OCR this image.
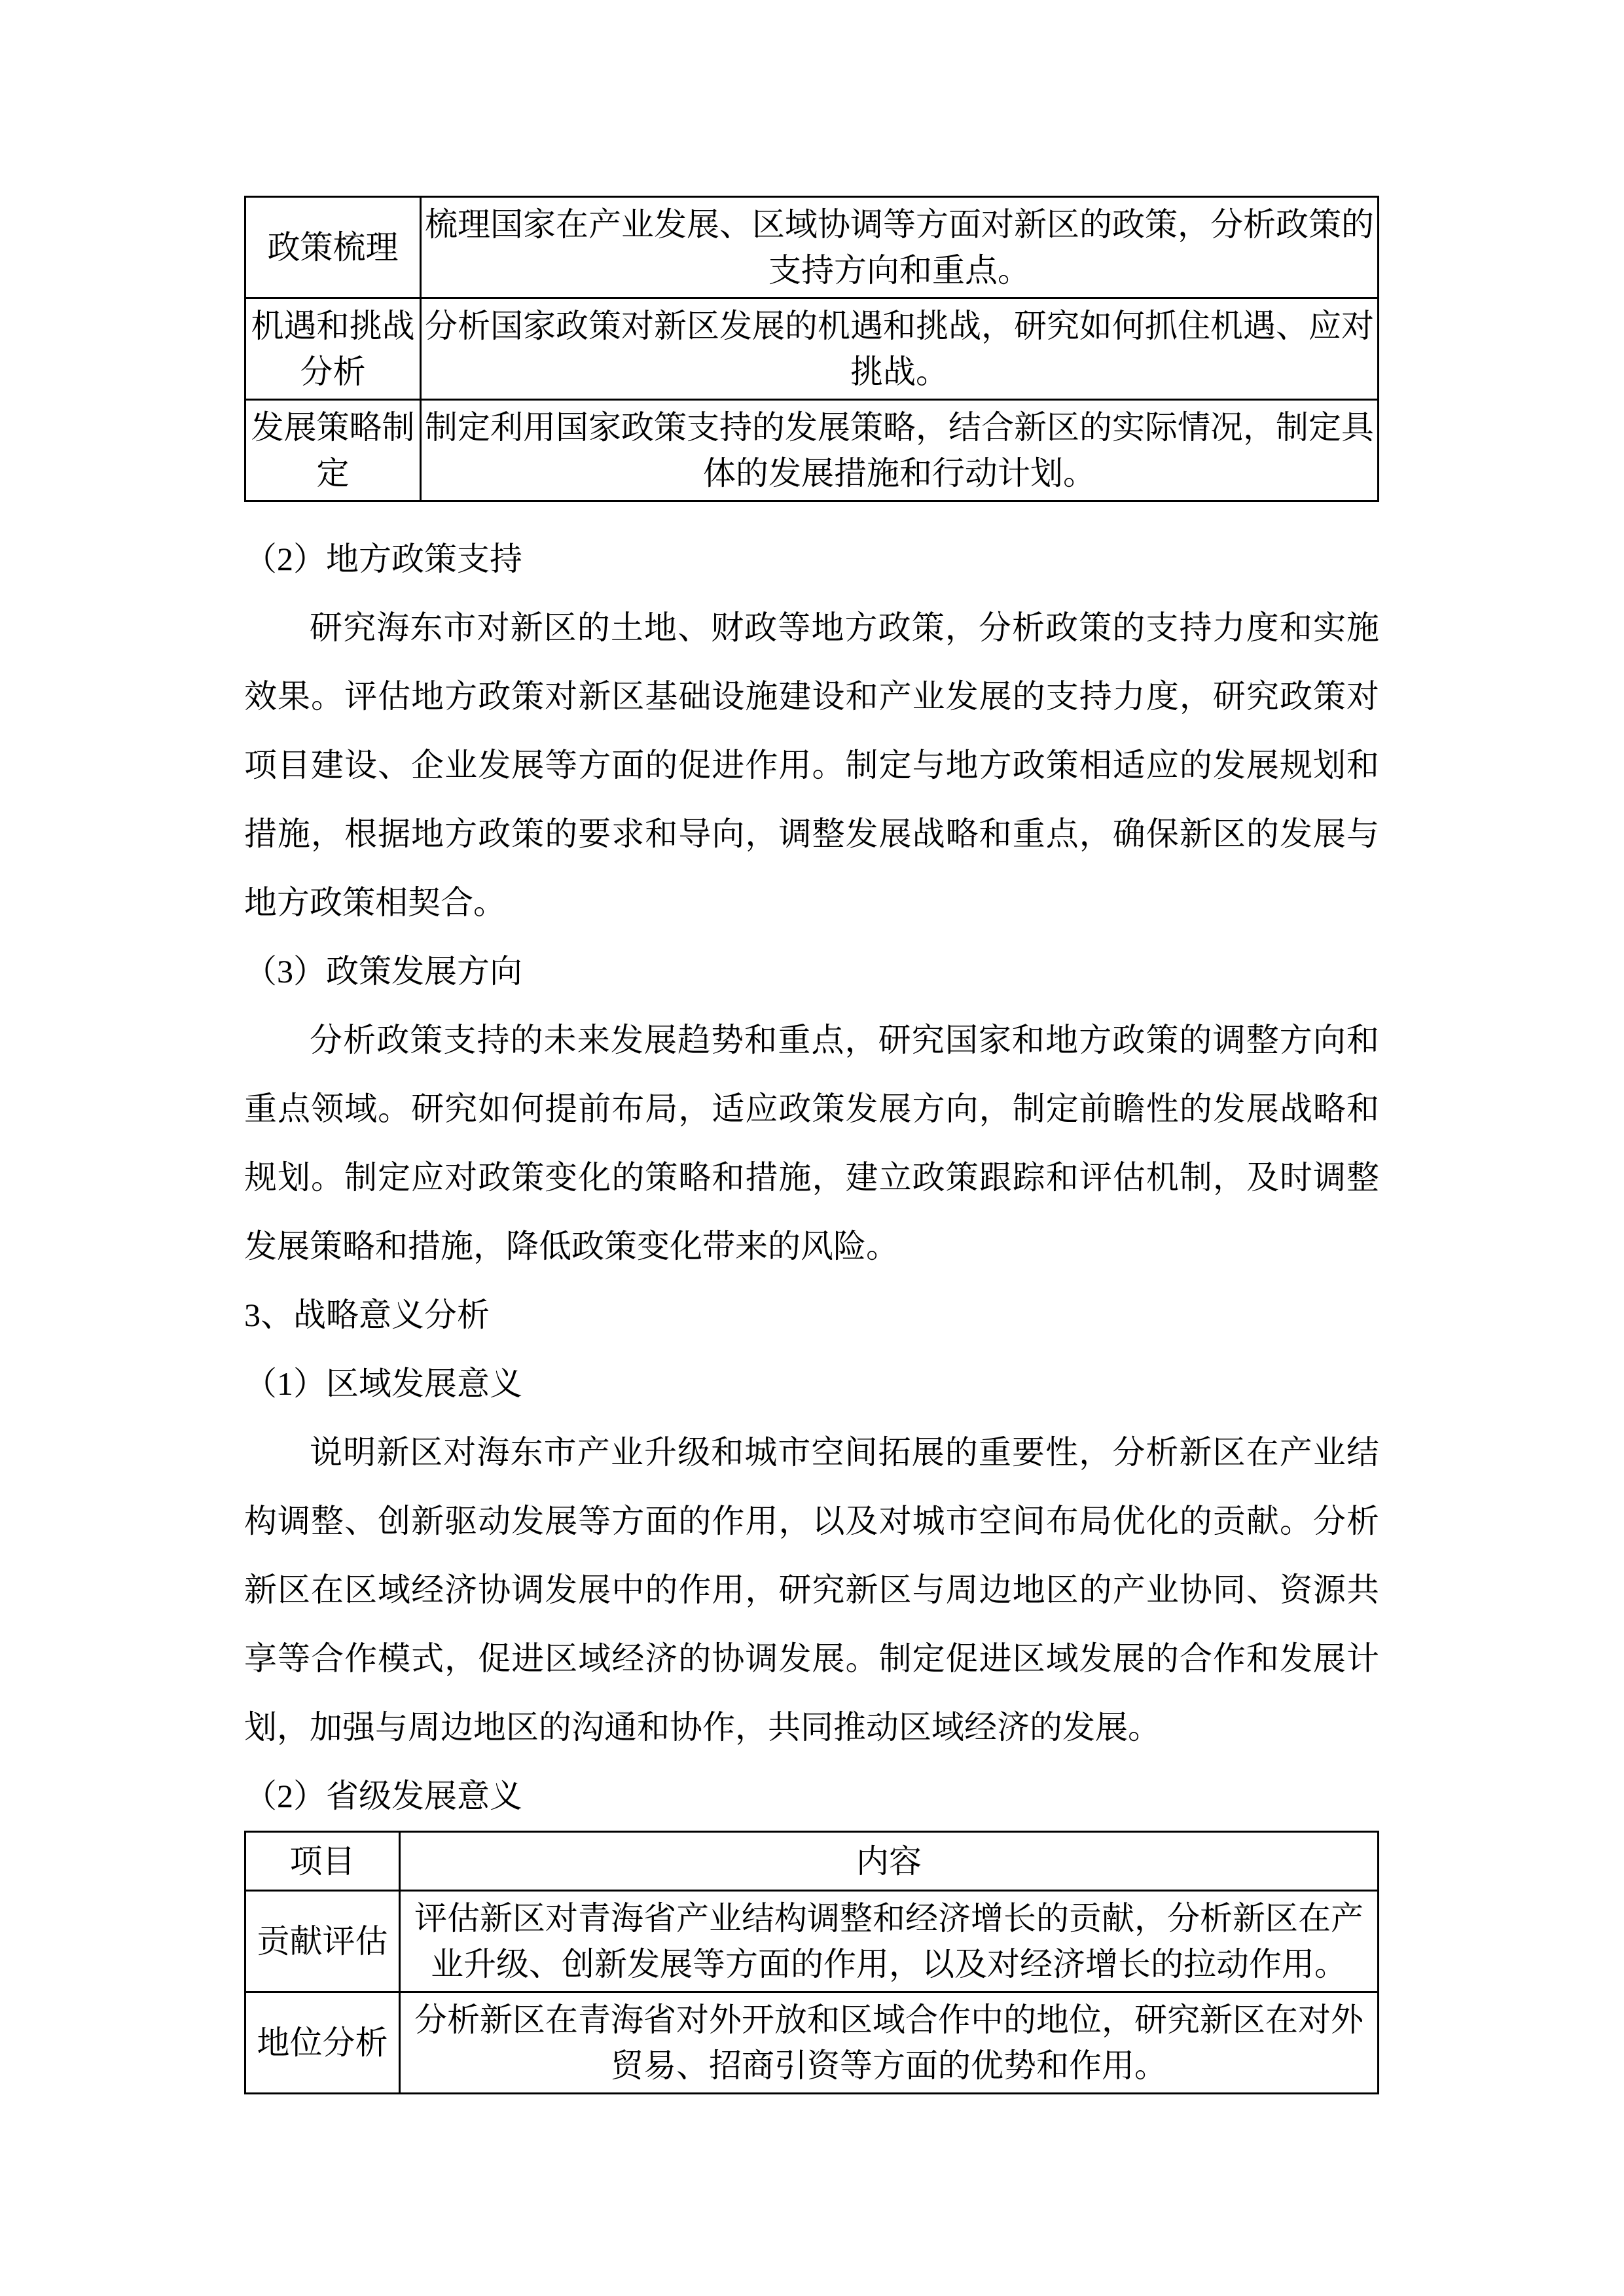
政策梳理	梳理国家在产业发展、区域协调等方面对新区的政策，分析政策的支持方向和重点。
机遇和挑战分析	分析国家政策对新区发展的机遇和挑战，研究如何抓住机遇、应对挑战。
发展策略制定	制定利用国家政策支持的发展策略，结合新区的实际情况，制定具体的发展措施和行动计划。
（2）地方政策支持

研究海东市对新区的土地、财政等地方政策，分析政策的支持力度和实施效果。评估地方政策对新区基础设施建设和产业发展的支持力度，研究政策对项目建设、企业发展等方面的促进作用。制定与地方政策相适应的发展规划和措施，根据地方政策的要求和导向，调整发展战略和重点，确保新区的发展与地方政策相契合。

（3）政策发展方向

分析政策支持的未来发展趋势和重点，研究国家和地方政策的调整方向和重点领域。研究如何提前布局，适应政策发展方向，制定前瞻性的发展战略和规划。制定应对政策变化的策略和措施，建立政策跟踪和评估机制，及时调整发展策略和措施，降低政策变化带来的风险。

3、战略意义分析
（1）区域发展意义

说明新区对海东市产业升级和城市空间拓展的重要性，分析新区在产业结构调整、创新驱动发展等方面的作用，以及对城市空间布局优化的贡献。分析新区在区域经济协调发展中的作用，研究新区与周边地区的产业协同、资源共享等合作模式，促进区域经济的协调发展。制定促进区域发展的合作和发展计划，加强与周边地区的沟通和协作，共同推动区域经济的发展。

（2）省级发展意义
项目	内容
贡献评估	评估新区对青海省产业结构调整和经济增长的贡献，分析新区在产业升级、创新发展等方面的作用，以及对经济增长的拉动作用。
地位分析	分析新区在青海省对外开放和区域合作中的地位，研究新区在对外贸易、招商引资等方面的优势和作用。
